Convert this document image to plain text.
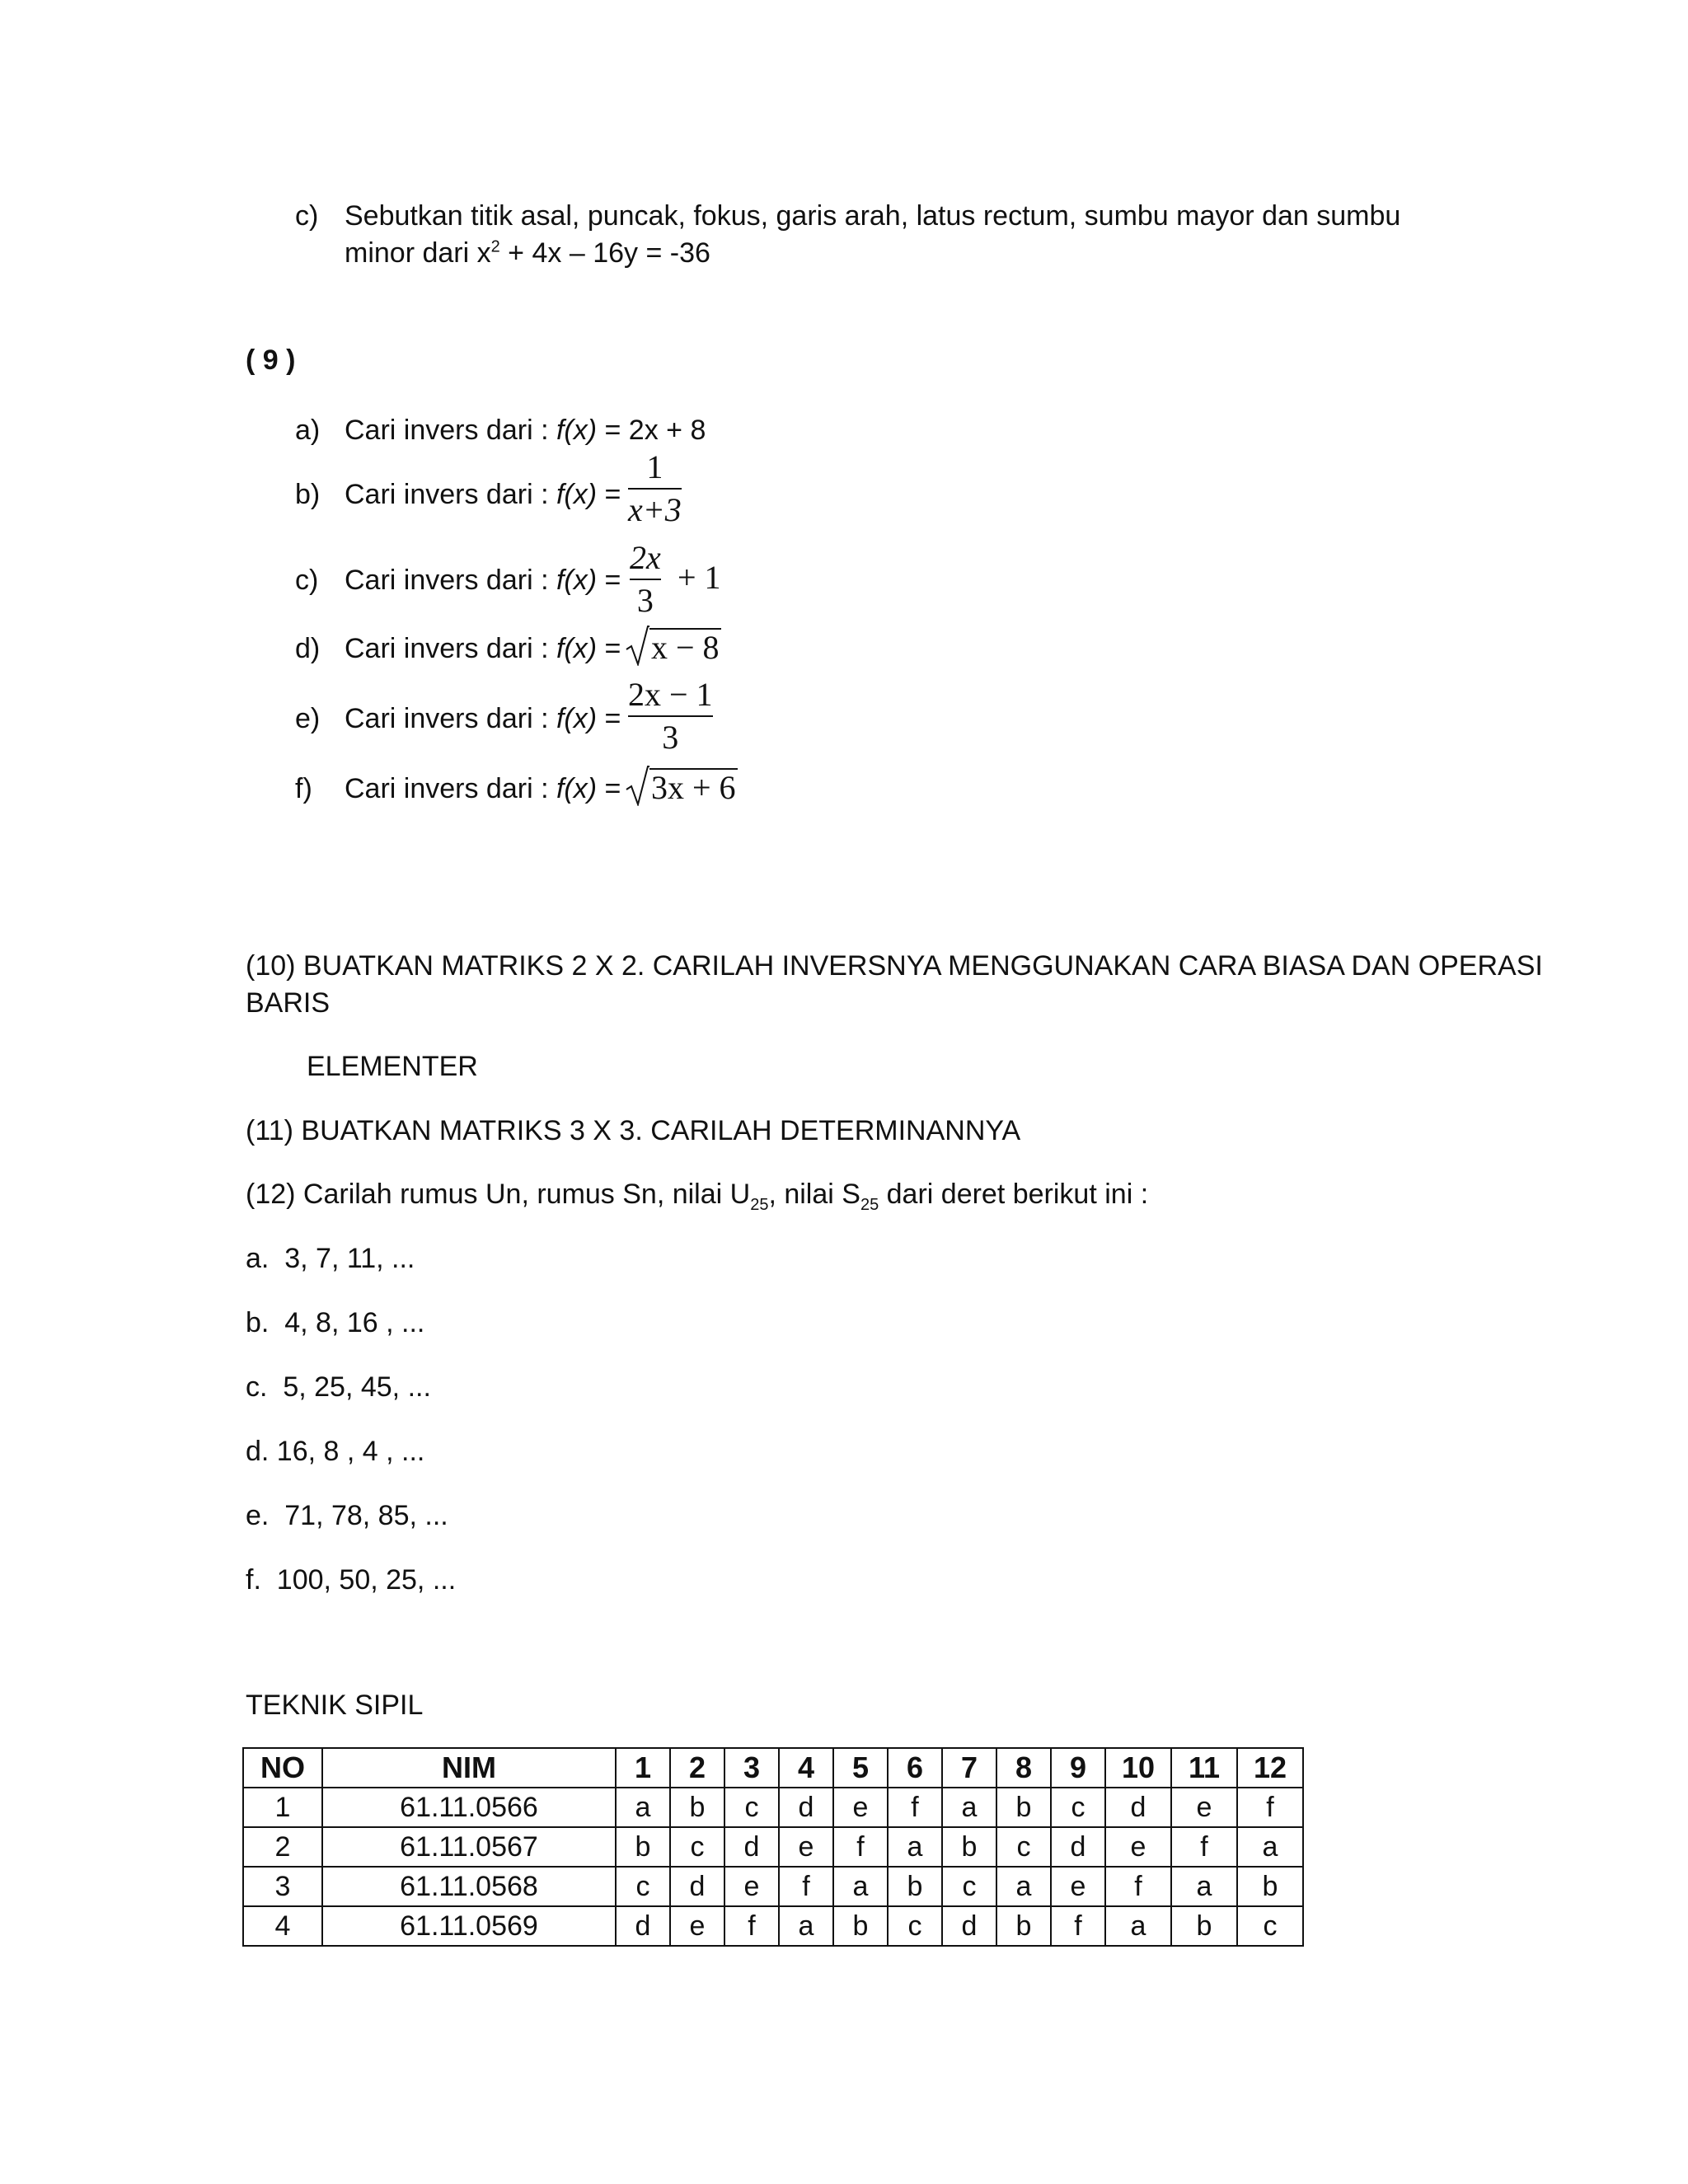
c) Sebutkan titik asal, puncak, fokus, garis arah, latus rectum, sumbu mayor dan sumbu
minor dari $x^2 + 4x - 16y = -36$
( 9 )
a) Cari invers dari : f(x) = 2x + 8
b) Cari invers dari : f(x) =
1
x+3
c) Cari invers dari : f(x) =
2x
3
+ 1
d) Cari invers dari : f(x) = x − 8
e) Cari invers dari : f(x) =
2x − 1
3
f) Cari invers dari : f(x) = 3x + 6
(10) BUATKAN MATRIKS 2 X 2. CARILAH INVERSNYA MENGGUNAKAN CARA BIASA DAN OPERASI
BARIS
ELEMENTER
(11) BUATKAN MATRIKS 3 X 3. CARILAH DETERMINANNYA
(12) Carilah rumus Un, rumus Sn, nilai $U_{25}$, nilai $S_{25}$ dari deret berikut ini :
a.  3, 7, 11, ...
b.  4, 8, 16 , ...
c.  5, 25, 45, ...
d. 16, 8 , 4 , ...
e.  71, 78, 85, ...
f.  100, 50, 25, ...
TEKNIK SIPIL
NO	NIM	1	2	3	4	5	6	7	8	9	10	11	12
1	61.11.0566	a	b	c	d	e	f	a	b	c	d	e	f
2	61.11.0567	b	c	d	e	f	a	b	c	d	e	f	a
3	61.11.0568	c	d	e	f	a	b	c	a	e	f	a	b
4	61.11.0569	d	e	f	a	b	c	d	b	f	a	b	c
